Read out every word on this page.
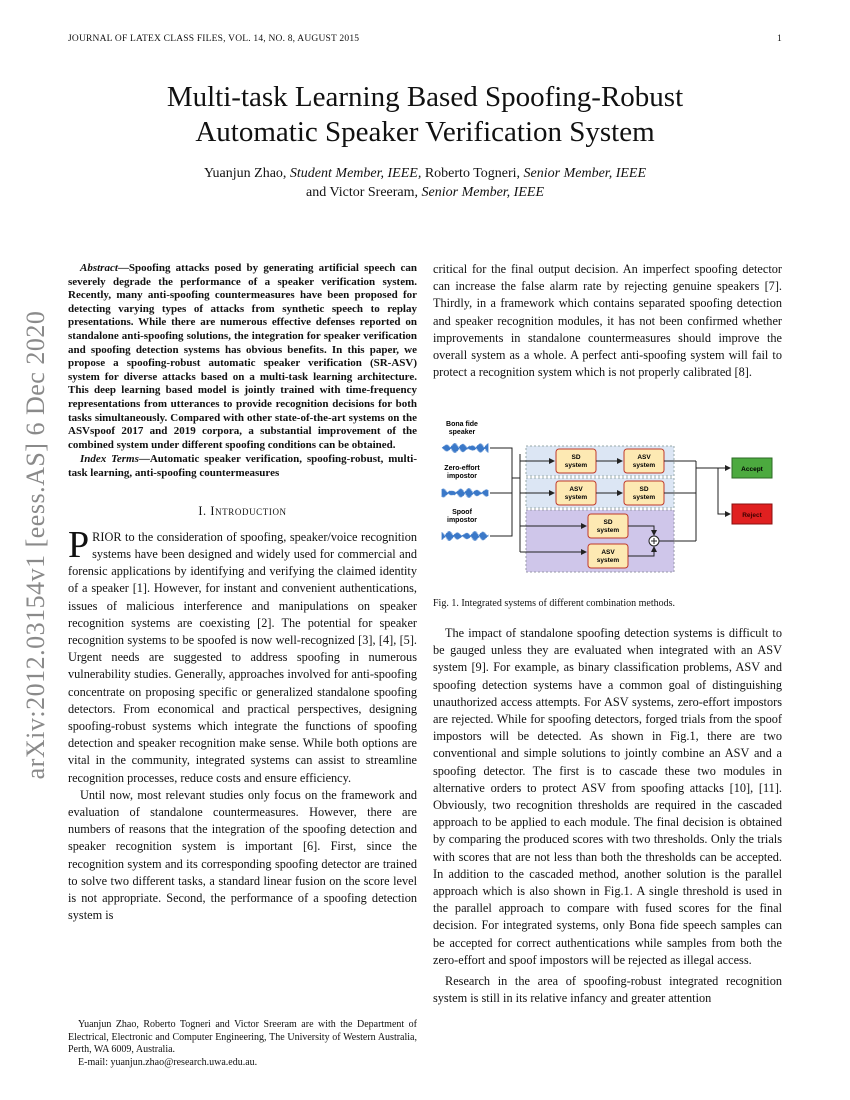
JOURNAL OF LATEX CLASS FILES, VOL. 14, NO. 8, AUGUST 2015	1
arXiv:2012.03154v1 [eess.AS] 6 Dec 2020
Multi-task Learning Based Spoofing-Robust
Automatic Speaker Verification System
Yuanjun Zhao, Student Member, IEEE, Roberto Togneri, Senior Member, IEEE
and Victor Sreeram, Senior Member, IEEE

Abstract—Spoofing attacks posed by generating artificial speech can severely degrade the performance of a speaker verification system. Recently, many anti-spoofing countermeasures have been proposed for detecting varying types of attacks from synthetic speech to replay presentations. While there are numerous effective defenses reported on standalone anti-spoofing solutions, the integration for speaker verification and spoofing detection systems has obvious benefits. In this paper, we propose a spoofing-robust automatic speaker verification (SR-ASV) system for diverse attacks based on a multi-task learning architecture. This deep learning based model is jointly trained with time-frequency representations from utterances to provide recognition decisions for both tasks simultaneously. Compared with other state-of-the-art systems on the ASVspoof 2017 and 2019 corpora, a substantial improvement of the combined system under different spoofing conditions can be obtained.

Index Terms—Automatic speaker verification, spoofing-robust, multi-task learning, anti-spoofing countermeasures

I. Introduction

PRIOR to the consideration of spoofing, speaker/voice recognition systems have been designed and widely used for commercial and forensic applications by identifying and verifying the claimed identity of a speaker [1]. However, for instant and convenient authentications, issues of malicious interference and manipulations on speaker recognition systems are coexisting [2]. The potential for speaker recognition systems to be spoofed is now well-recognized [3], [4], [5]. Urgent needs are suggested to address spoofing in numerous vulnerability studies. Generally, approaches involved for anti-spoofing concentrate on proposing specific or generalized standalone spoofing detectors. From economical and practical perspectives, designing spoofing-robust systems which integrate the functions of spoofing detection and speaker recognition make sense. While both options are vital in the community, integrated systems can assist to streamline recognition processes, reduce costs and ensure efficiency.

Until now, most relevant studies only focus on the framework and evaluation of standalone countermeasures. However, there are numbers of reasons that the integration of the spoofing detection and speaker recognition system is important [6]. First, since the recognition system and its corresponding spoofing detector are trained to solve two different tasks, a standard linear fusion on the score level is not appropriate. Second, the performance of a spoofing detection system is

Yuanjun Zhao, Roberto Togneri and Victor Sreeram are with the Department of Electrical, Electronic and Computer Engineering, The University of Western Australia, Perth, WA 6009, Australia.

E-mail: yuanjun.zhao@research.uwa.edu.au.

critical for the final output decision. An imperfect spoofing detector can increase the false alarm rate by rejecting genuine speakers [7]. Thirdly, in a framework which contains separated spoofing detection and speaker recognition modules, it has not been confirmed whether improvements in standalone countermeasures should improve the overall system as a whole. A perfect anti-spoofing system will fail to protect a recognition system which is not properly calibrated [8].

Bona fide
speaker
Zero-effort
impostor
Spoof
impostor
SD
system
ASV
system
ASV
system
SD
system
SD
system
ASV
system
Accept
Reject
Fig. 1. Integrated systems of different combination methods.

The impact of standalone spoofing detection systems is difficult to be gauged unless they are evaluated when integrated with an ASV system [9]. For example, as binary classification problems, ASV and spoofing detection systems have a common goal of distinguishing unauthorized access attempts. For ASV systems, zero-effort impostors are rejected. While for spoofing detectors, forged trials from the spoof impostors will be detected. As shown in Fig.1, there are two conventional and simple solutions to jointly combine an ASV and a spoofing detector. The first is to cascade these two modules in alternative orders to protect ASV from spoofing attacks [10], [11]. Obviously, two recognition thresholds are required in the cascaded approach to be applied to each module. The final decision is obtained by comparing the produced scores with two thresholds. Only the trials with scores that are not less than both the thresholds can be accepted. In addition to the cascaded method, another solution is the parallel approach which is also shown in Fig.1. A single threshold is used in the parallel approach to compare with fused scores for the final decision. For integrated systems, only Bona fide speech samples can be accepted for correct authentications while samples from both the zero-effort and spoof impostors will be rejected as illegal access.

Research in the area of spoofing-robust integrated recognition system is still in its relative infancy and greater attention
